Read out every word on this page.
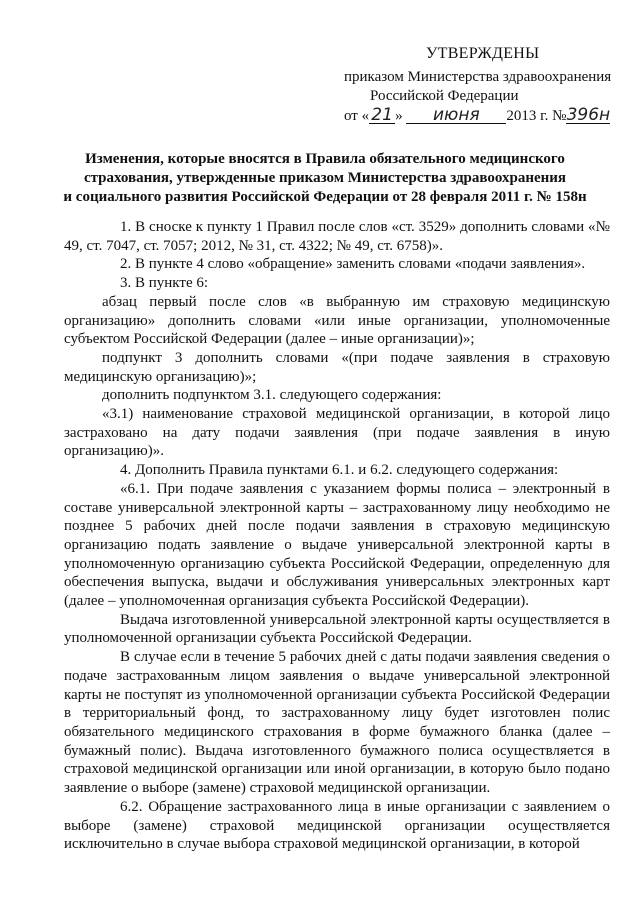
УТВЕРЖДЕНЫ
приказом Министерства здравоохранения
Российской Федерации
от « 21 » июня 2013 г. №396н
Изменения, которые вносятся в Правила обязательного медицинского
страхования, утвержденные приказом Министерства здравоохранения
и социального развития Российской Федерации от 28 февраля 2011 г. № 158н

1. В сноске к пункту 1 Правил после слов «ст. 3529» дополнить словами «№ 49, ст. 7047, ст. 7057; 2012, № 31, ст. 4322; № 49, ст. 6758)».

2. В пункте 4 слово «обращение» заменить словами «подачи заявления».

3. В пункте 6:

абзац первый после слов «в выбранную им страховую медицинскую организацию» дополнить словами «или иные организации, уполномоченные субъектом Российской Федерации (далее – иные организации)»;

подпункт 3 дополнить словами «(при подаче заявления в страховую медицинскую организацию)»;

дополнить подпунктом 3.1. следующего содержания:

«3.1) наименование страховой медицинской организации, в которой лицо застраховано на дату подачи заявления (при подаче заявления в иную организацию)».

4. Дополнить Правила пунктами 6.1. и 6.2. следующего содержания:

«6.1. При подаче заявления с указанием формы полиса – электронный в составе универсальной электронной карты – застрахованному лицу необходимо не позднее 5 рабочих дней после подачи заявления в страховую медицинскую организацию подать заявление о выдаче универсальной электронной карты в уполномоченную организацию субъекта Российской Федерации, определенную для обеспечения выпуска, выдачи и обслуживания универсальных электронных карт (далее – уполномоченная организация субъекта Российской Федерации).

Выдача изготовленной универсальной электронной карты осуществляется в уполномоченной организации субъекта Российской Федерации.

В случае если в течение 5 рабочих дней с даты подачи заявления сведения о подаче застрахованным лицом заявления о выдаче универсальной электронной карты не поступят из уполномоченной организации субъекта Российской Федерации в территориальный фонд, то застрахованному лицу будет изготовлен полис обязательного медицинского страхования в форме бумажного бланка (далее – бумажный полис). Выдача изготовленного бумажного полиса осуществляется в страховой медицинской организации или иной организации, в которую было подано заявление о выборе (замене) страховой медицинской организации.

6.2. Обращение застрахованного лица в иные организации с заявлением о выборе (замене) страховой медицинской организации осуществляется исключительно в случае выбора страховой медицинской организации, в которой
